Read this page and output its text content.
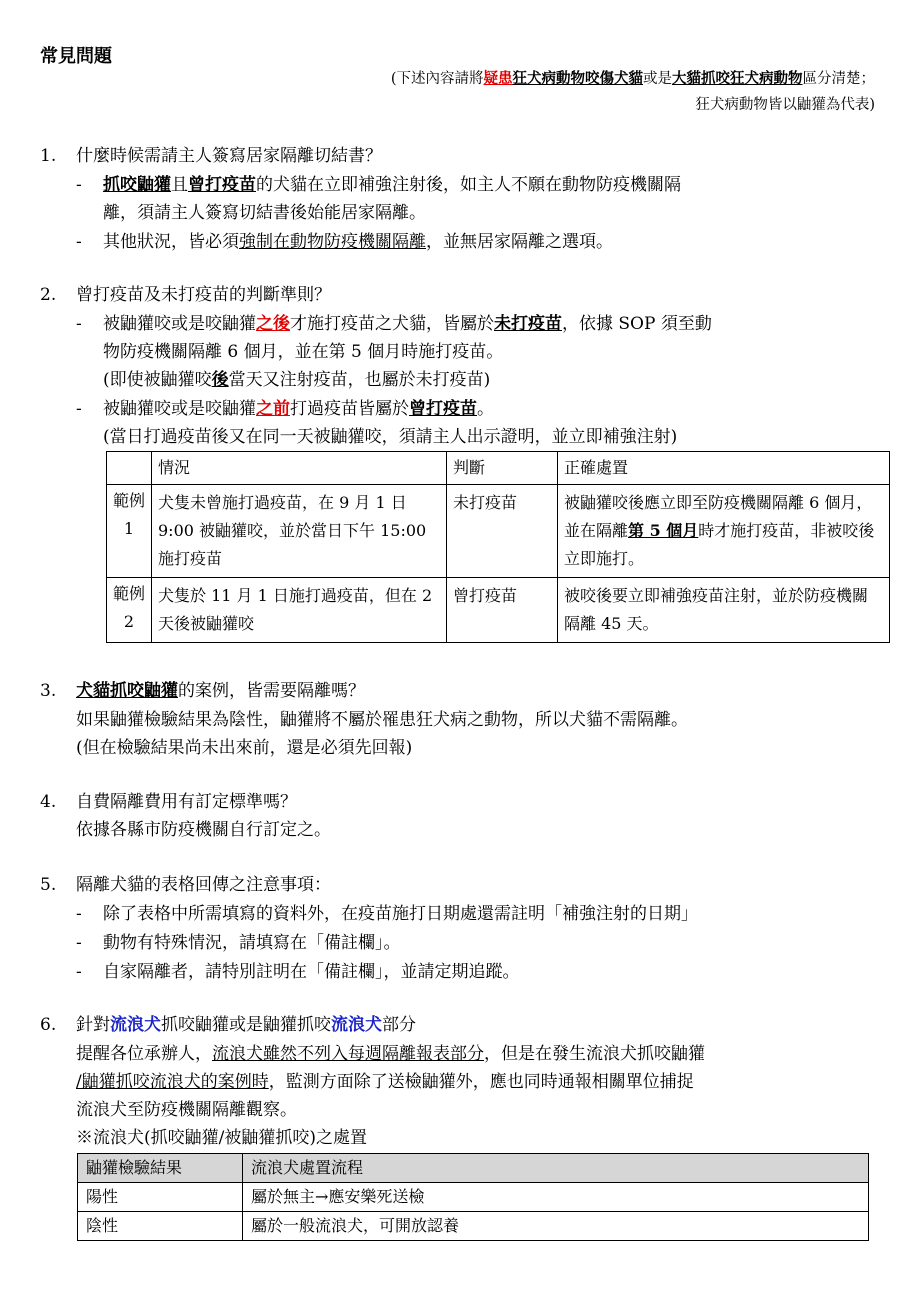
常見問題
(下述內容請將疑患狂犬病動物咬傷犬貓或是大貓抓咬狂犬病動物區分清楚；
狂犬病動物皆以鼬獾為代表)
1. 什麼時候需請主人簽寫居家隔離切結書？
- 抓咬鼬獾且曾打疫苗的犬貓在立即補強注射後，如主人不願在動物防疫機關隔
離，須請主人簽寫切結書後始能居家隔離。
- 其他狀況，皆必須強制在動物防疫機關隔離，並無居家隔離之選項。
2. 曾打疫苗及未打疫苗的判斷準則？
- 被鼬獾咬或是咬鼬獾之後才施打疫苗之犬貓，皆屬於未打疫苗，依據 SOP 須至動
物防疫機關隔離 6 個月，並在第 5 個月時施打疫苗。
(即使被鼬獾咬後當天又注射疫苗，也屬於未打疫苗)
- 被鼬獾咬或是咬鼬獾之前打過疫苗皆屬於曾打疫苗。
(當日打過疫苗後又在同一天被鼬獾咬，須請主人出示證明，並立即補強注射)
	情況	判斷	正確處置
範例1	犬隻未曾施打過疫苗，在 9 月 1 日 9:00 被鼬獾咬，並於當日下午 15:00 施打疫苗	未打疫苗	被鼬獾咬後應立即至防疫機關隔離 6 個月，並在隔離第 5 個月時才施打疫苗，非被咬後立即施打。
範例2	犬隻於 11 月 1 日施打過疫苗，但在 2 天後被鼬獾咬	曾打疫苗	被咬後要立即補強疫苗注射，並於防疫機關隔離 45 天。
3. 犬貓抓咬鼬獾的案例，皆需要隔離嗎？
如果鼬獾檢驗結果為陰性，鼬獾將不屬於罹患狂犬病之動物，所以犬貓不需隔離。
(但在檢驗結果尚未出來前，還是必須先回報)
4. 自費隔離費用有訂定標準嗎？
依據各縣市防疫機關自行訂定之。
5. 隔離犬貓的表格回傳之注意事項：
- 除了表格中所需填寫的資料外，在疫苗施打日期處還需註明「補強注射的日期」
- 動物有特殊情況，請填寫在「備註欄」。
- 自家隔離者，請特別註明在「備註欄」，並請定期追蹤。
6. 針對流浪犬抓咬鼬獾或是鼬獾抓咬流浪犬部分
提醒各位承辦人，流浪犬雖然不列入每週隔離報表部分，但是在發生流浪犬抓咬鼬獾
/鼬獾抓咬流浪犬的案例時，監測方面除了送檢鼬獾外，應也同時通報相關單位捕捉
流浪犬至防疫機關隔離觀察。
※流浪犬(抓咬鼬獾/被鼬獾抓咬)之處置
鼬獾檢驗結果	流浪犬處置流程
陽性	屬於無主→應安樂死送檢
陰性	屬於一般流浪犬，可開放認養
